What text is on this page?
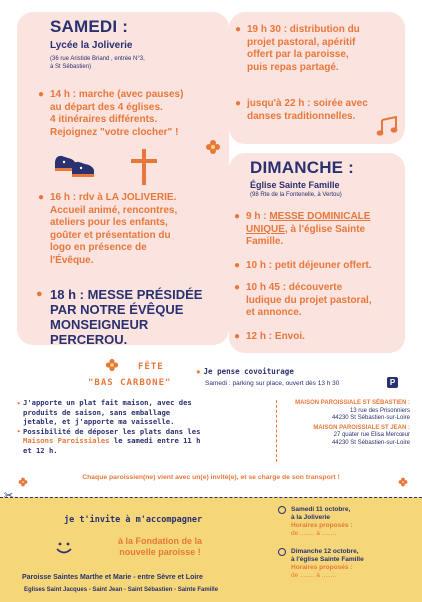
SAMEDI :
Lycée la Joliverie
(36 rue Aristide Briand , entrée N°3,
à St Sébastien)
● 14 h : marche (avec pauses)
au départ des 4 églises.
4 itinéraires différents.
Rejoignez "votre clocher" !
● 16 h : rdv à LA JOLIVERIE.
Accueil animé, rencontres,
ateliers pour les enfants,
goûter et présentation du
logo en présence de
l'Évêque.
● 18 h : MESSE PRÉSIDÉE
PAR NOTRE ÉVÊQUE
MONSEIGNEUR
PERCEROU.
● 19 h 30 : distribution du
projet pastoral, apéritif
offert par la paroisse,
puis repas partagé.
● jusqu'à 22 h : soirée avec
danses traditionnelles.
DIMANCHE :
Église Sainte Famille
(98 Rte de la Fontenelle, à Vertou)
● 9 h : MESSE DOMINICALE
UNIQUE, à l'église Sainte
Famille.
● 10 h : petit déjeuner offert.
● 10 h 45 : découverte
ludique du projet pastoral,
et annonce.
● 12 h : Envoi.
FÊTE
"BAS CARBONE"
● Je pense covoiturage
Samedi : parking sur place, ouvert dès 13 h 30	P
▸ J'apporte un plat fait maison, avec des
produits de saison, sans emballage
jetable, et j'apporte ma vaisselle.
▸ Possibilité de déposer les plats dans les
Maisons Paroissiales le samedi entre 11 h
et 12 h.
MAISON PAROISSIALE ST SÉBASTIEN :
13 rue des Prisonniers
44230 St Sébastien-sur-Loire
MAISON PAROISSIALE ST JEAN :
27 quater rue Elisa Mercœur
44230 St Sébastien-sur-Loire
Chaque paroissien(ne) vient avec un(e) invité(e), et se charge de son transport !
✂
je t'invite à m'accompagner
à la Fondation de la
nouvelle paroisse !
Paroisse Saintes Marthe et Marie - entre Sèvre et Loire
Eglises Saint Jacques - Saint Jean - Saint Sébastien - Sainte Famille
Samedi 11 octobre,
à la Joliverie
Horaires proposés :
de ........ à ........
Dimanche 12 octobre,
à l'église Sainte Famille
Horaires proposés :
de ........ à ........
